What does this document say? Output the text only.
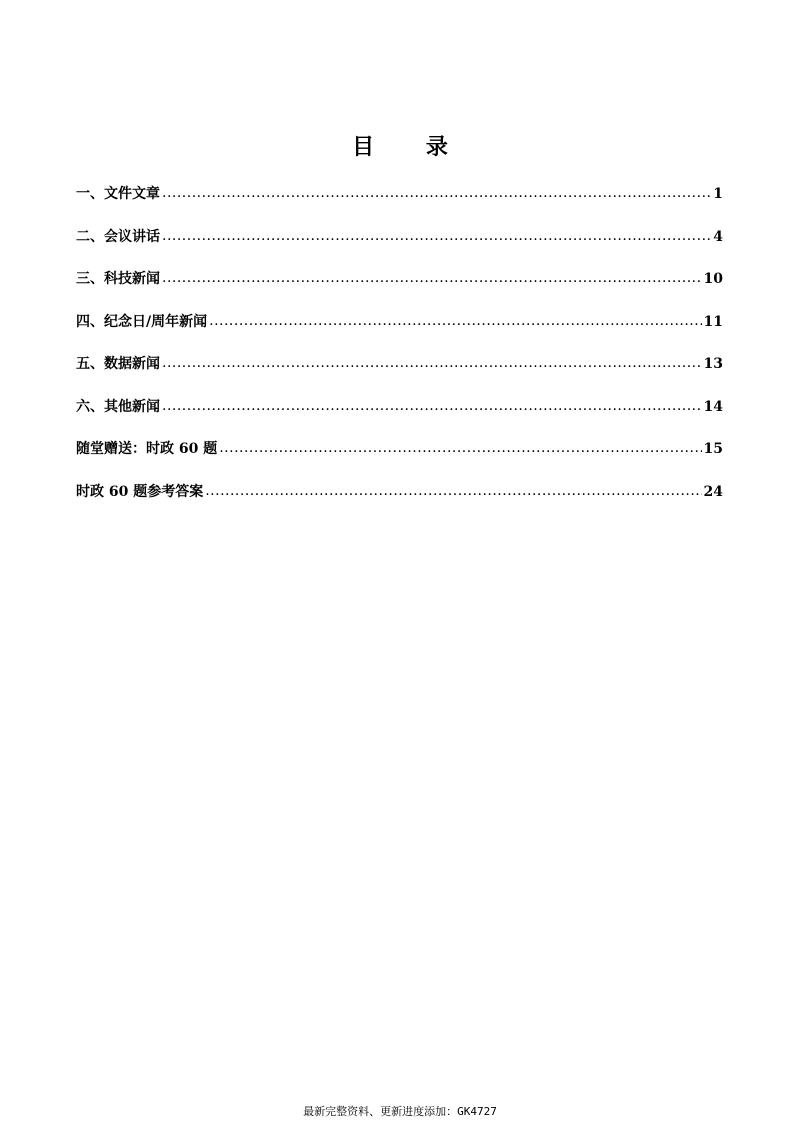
目 录
一、文件文章 .....	1
二、会议讲话 .....	4
三、科技新闻 .....	10
四、纪念日/周年新闻 .....	11
五、数据新闻 .....	13
六、其他新闻 .....	14
随堂赠送：时政 60 题 .....	15
时政 60 题参考答案 .....	24
最新完整资料、更新进度添加：GK4727
